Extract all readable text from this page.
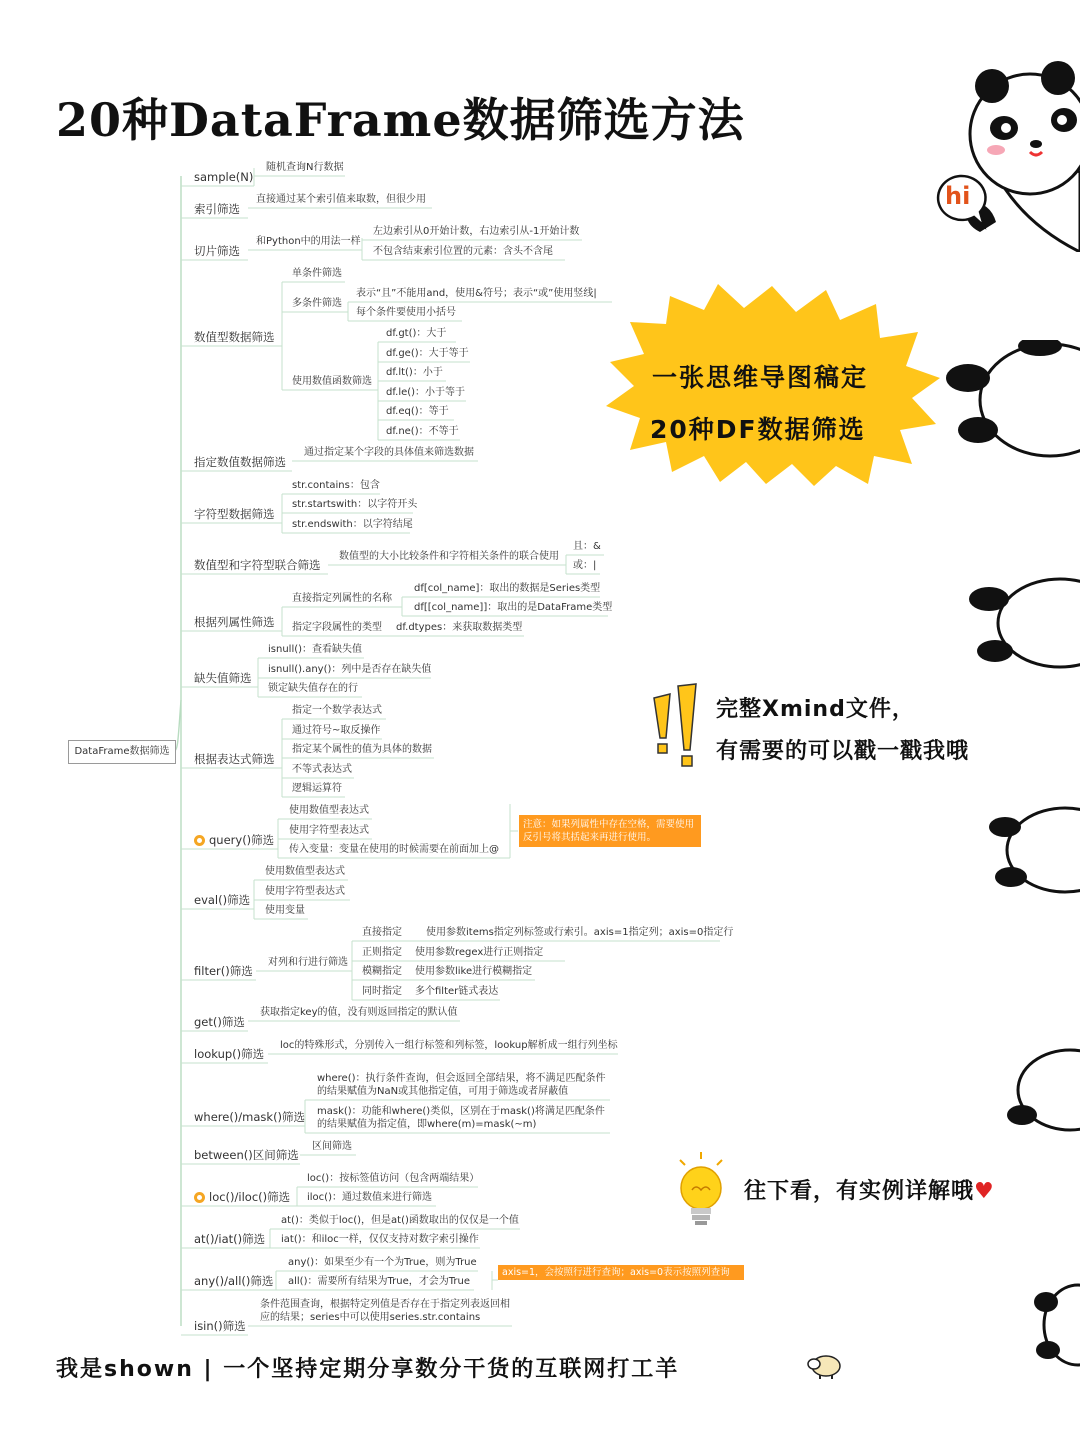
20种DataFrame数据筛选方法
DataFrame数据筛选
sample(N)
索引筛选
切片筛选
数值型数据筛选
指定数值数据筛选
字符型数据筛选
数值型和字符型联合筛选
根据列属性筛选
缺失值筛选
根据表达式筛选
query()筛选
eval()筛选
filter()筛选
get()筛选
lookup()筛选
where()/mask()筛选
between()区间筛选
loc()/iloc()筛选
at()/iat()筛选
any()/all()筛选
isin()筛选
随机查询N行数据
直接通过某个索引值来取数，但很少用
和Python中的用法一样
左边索引从0开始计数，右边索引从-1开始计数
不包含结束索引位置的元素：含头不含尾
单条件筛选
多条件筛选
使用数值函数筛选
表示“且”不能用and，使用&符号；表示“或”使用竖线|
每个条件要使用小括号
df.gt()：大于
df.ge()：大于等于
df.lt()：小于
df.le()：小于等于
df.eq()：等于
df.ne()：不等于
通过指定某个字段的具体值来筛选数据
str.contains：包含
str.startswith：以字符开头
str.endswith：以字符结尾
数值型的大小比较条件和字符相关条件的联合使用
且：&
或：|
直接指定列属性的名称
指定字段属性的类型
df[col_name]：取出的数据是Series类型
df[[col_name]]：取出的是DataFrame类型
df.dtypes：来获取数据类型
isnull()：查看缺失值
isnull().any()：列中是否存在缺失值
锁定缺失值存在的行
指定一个数学表达式
通过符号~取反操作
指定某个属性的值为具体的数据
不等式表达式
逻辑运算符
使用数值型表达式
使用字符型表达式
传入变量：变量在使用的时候需要在前面加上@
注意：如果列属性中存在空格，需要使用反引号将其括起来再进行使用。
使用数值型表达式
使用字符型表达式
使用变量
对列和行进行筛选
直接指定
正则指定
模糊指定
同时指定
使用参数items指定列标签或行索引。axis=1指定列；axis=0指定行
使用参数regex进行正则指定
使用参数like进行模糊指定
多个filter链式表达
获取指定key的值，没有则返回指定的默认值
loc的特殊形式，分别传入一组行标签和列标签，lookup解析成一组行列坐标
where()：执行条件查询，但会返回全部结果，将不满足匹配条件的结果赋值为NaN或其他指定值，可用于筛选或者屏蔽值
mask()：功能和where()类似，区别在于mask()将满足匹配条件的结果赋值为指定值，即where(m)=mask(~m)
区间筛选
loc()：按标签值访问（包含两端结果）
iloc()：通过数值来进行筛选
at()：类似于loc()，但是at()函数取出的仅仅是一个值
iat()：和iloc一样，仅仅支持对数字索引操作
any()：如果至少有一个为True，则为True
all()：需要所有结果为True，才会为True
axis=1，会按照行进行查询；axis=0表示按照列查询
条件范围查询，根据特定列值是否存在于指定列表返回相应的结果；series中可以使用series.str.contains
一张思维导图稿定
20种DF数据筛选
完整Xmind文件，
有需要的可以戳一戳我哦
往下看，有实例详解哦♥
hi
我是shown | 一个坚持定期分享数分干货的互联网打工羊
